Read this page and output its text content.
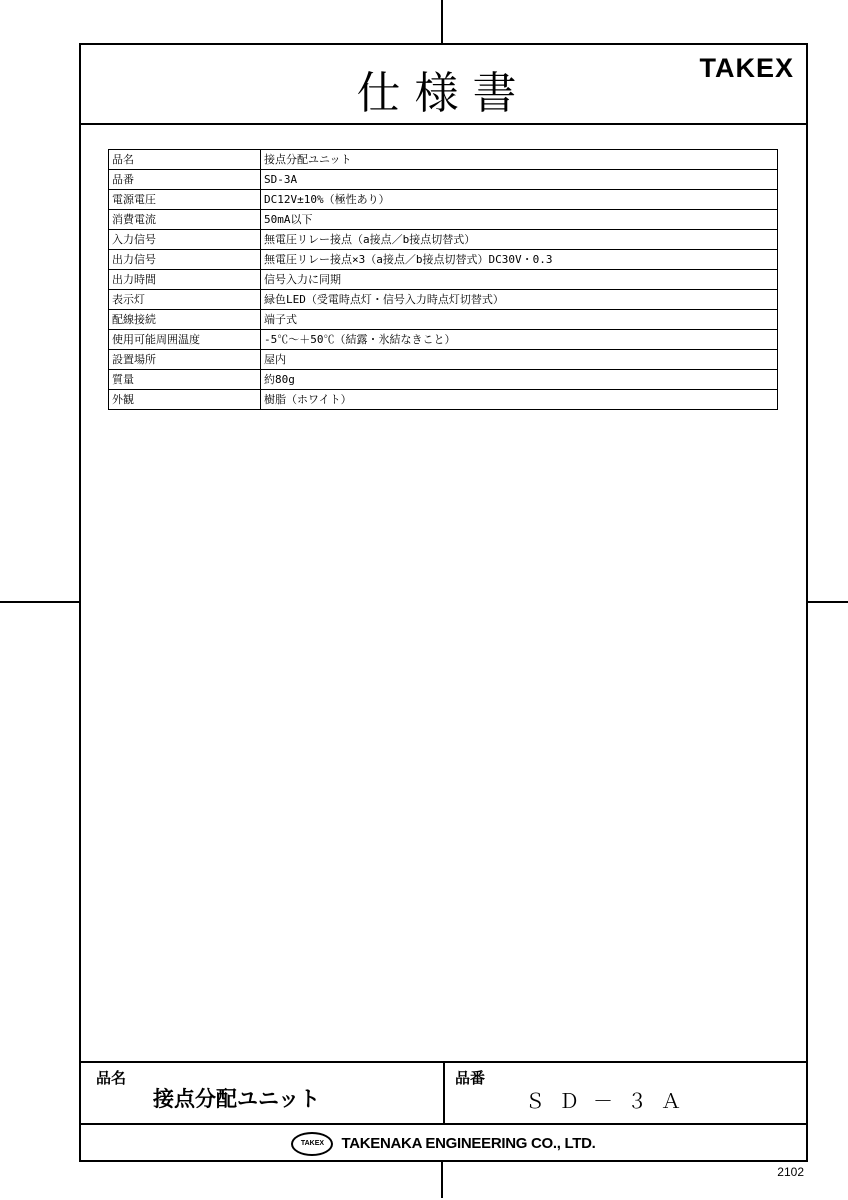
仕様書	TAKEX
品名	接点分配ユニット
品番	SD-3A
電源電圧	DC12V±10%（極性あり）
消費電流	50mA以下
入力信号	無電圧リレー接点（a接点／b接点切替式）
出力信号	無電圧リレー接点×3（a接点／b接点切替式）DC30V・0.3
出力時間	信号入力に同期
表示灯	緑色LED（受電時点灯・信号入力時点灯切替式）
配線接続	端子式
使用可能周囲温度	-5℃～＋50℃（結露・氷結なきこと）
設置場所	屋内
質量	約80g
外観	樹脂（ホワイト）
品名
接点分配ユニット
品番
ＳＤ－３Ａ
TAKEX	TAKENAKA ENGINEERING CO., LTD.
2102
